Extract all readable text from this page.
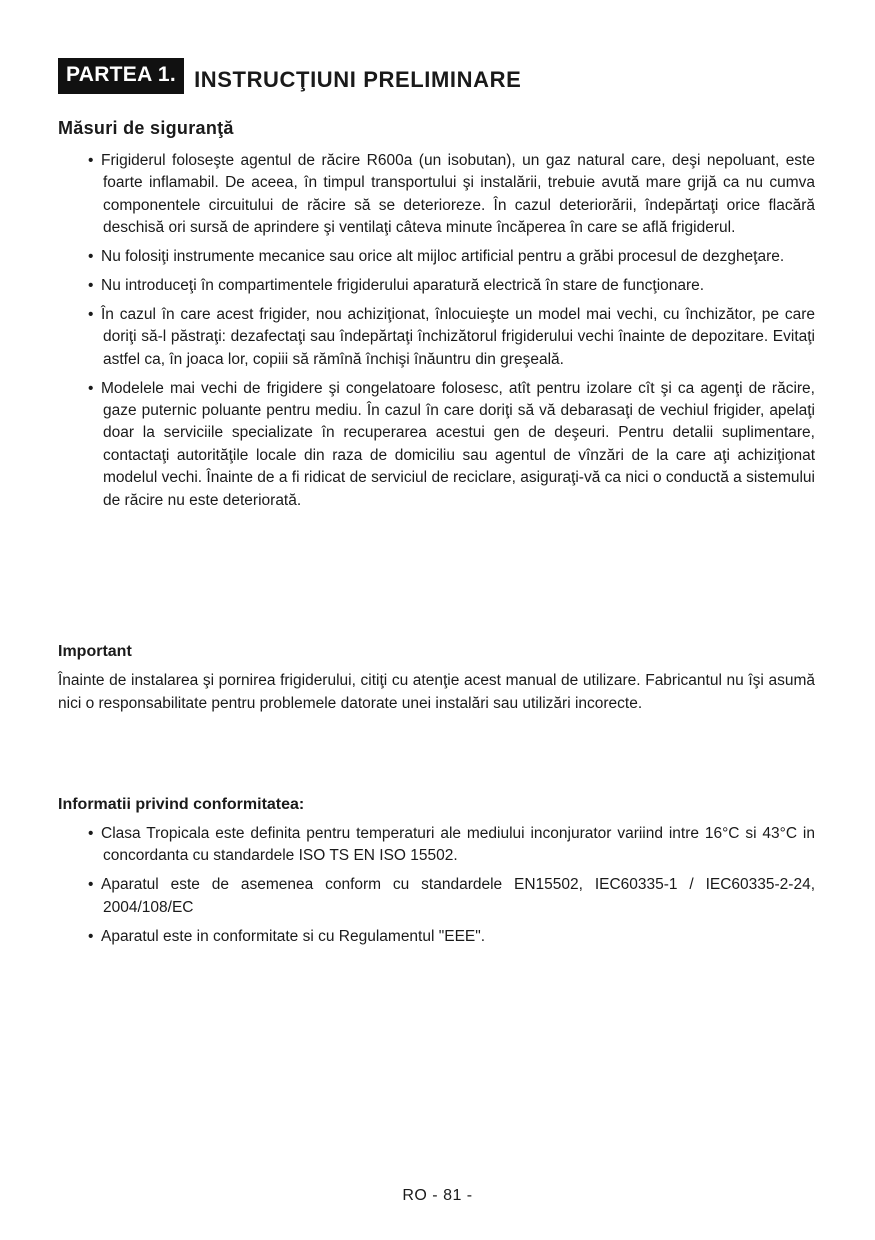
PARTEA 1. INSTRUCŢIUNI PRELIMINARE
Măsuri de siguranţă
• Frigiderul foloseşte agentul de răcire R600a (un isobutan), un gaz natural care, deşi nepoluant, este foarte inflamabil. De aceea, în timpul transportului şi instalării, trebuie avută mare grijă ca nu cumva componentele circuitului de răcire să se deterioreze. În cazul deteriorării, îndepărtaţi orice flacără deschisă ori sursă de aprindere şi ventilaţi câteva minute încăperea în care se află frigiderul.
• Nu folosiţi instrumente mecanice sau orice alt mijloc artificial pentru a grăbi procesul de dezgheţare.
• Nu introduceţi în compartimentele frigiderului aparatură electrică în stare de funcţionare.
• În cazul în care acest frigider, nou achiziţionat, înlocuieşte un model mai vechi, cu închizător, pe care doriţi să-l păstraţi: dezafectaţi sau îndepărtaţi închizătorul frigiderului vechi înainte de depozitare. Evitaţi astfel ca, în joaca lor, copiii să rămînă închişi înăuntru din greşeală.
• Modelele mai vechi de frigidere şi congelatoare folosesc, atît pentru izolare cît şi ca agenţi de răcire, gaze puternic poluante pentru mediu. În cazul în care doriţi să vă debarasaţi de vechiul frigider, apelaţi doar la serviciile specializate în recuperarea acestui gen de deşeuri. Pentru detalii suplimentare, contactaţi autorităţile locale din raza de domiciliu sau agentul de vînzări de la care aţi achiziţionat modelul vechi. Înainte de a fi ridicat de serviciul de reciclare, asiguraţi-vă ca nici o conductă a sistemului de răcire nu este deteriorată.
Important

Înainte de instalarea şi pornirea frigiderului, citiţi cu atenţie acest manual de utilizare. Fabricantul nu îşi asumă nici o responsabilitate pentru problemele datorate unei instalări sau utilizări incorecte.

Informatii privind conformitatea:
• Clasa Tropicala este definita pentru temperaturi ale mediului inconjurator variind intre 16°C si 43°C in concordanta cu standardele ISO TS EN ISO 15502.
• Aparatul este de asemenea conform cu standardele EN15502, IEC60335-1 / IEC60335-2-24, 2004/108/EC
• Aparatul este in conformitate si cu Regulamentul "EEE".
RO - 81 -
